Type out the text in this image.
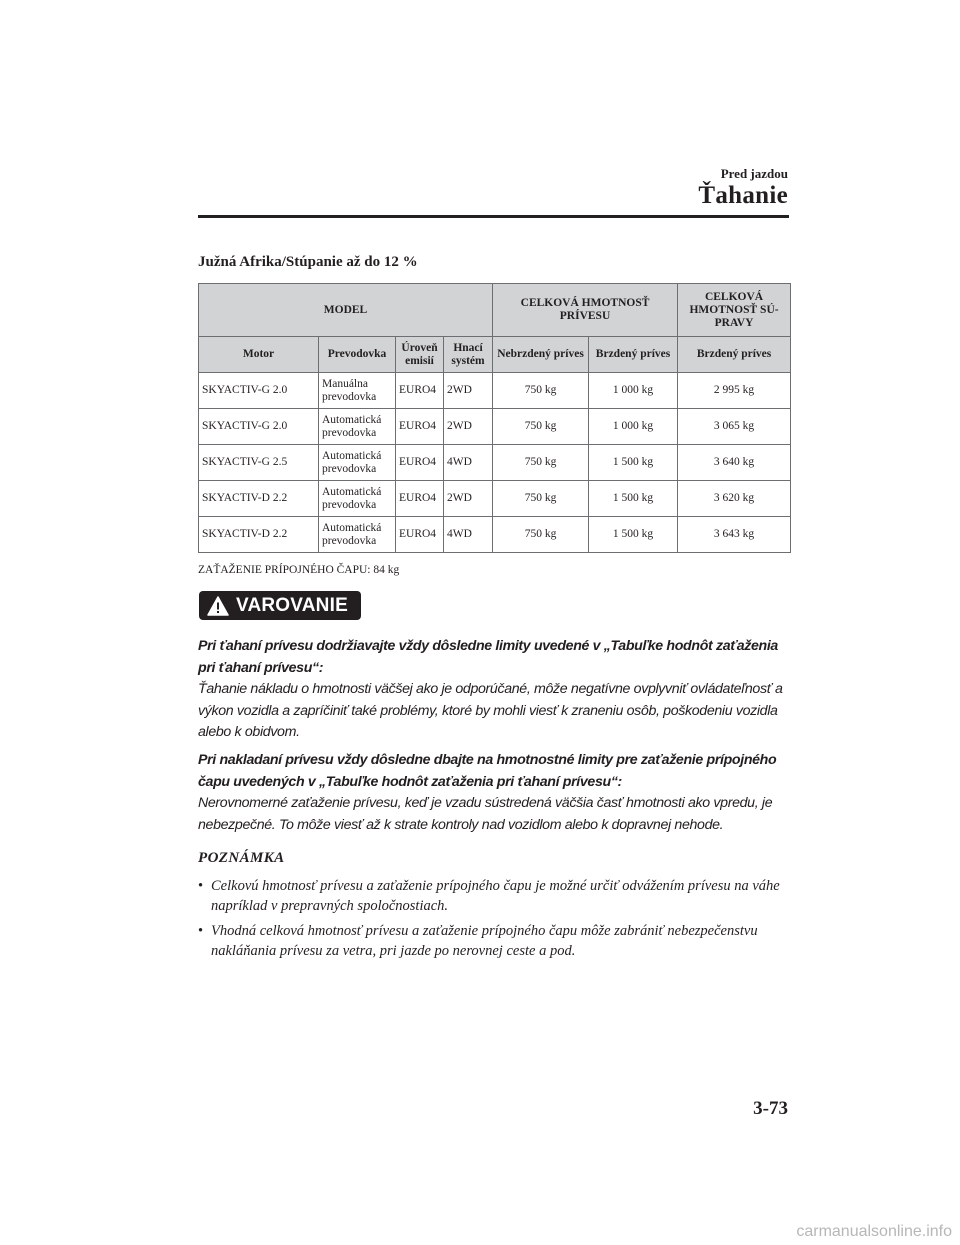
Pred jazdou
Ťahanie
Južná Afrika/Stúpanie až do 12 %
MODEL				CELKOVÁ HMOTNOSŤ PRÍVESU		CELKOVÁ HMOTNOSŤ SÚPRAVY
Motor	Prevodovka	Úroveň emisií	Hnací systém	Nebrzdený príves	Brzdený príves	Brzdený príves
SKYACTIV-G 2.0	Manuálna prevodovka	EURO4	2WD	750 kg	1 000 kg	2 995 kg
SKYACTIV-G 2.0	Automatická prevodovka	EURO4	2WD	750 kg	1 000 kg	3 065 kg
SKYACTIV-G 2.5	Automatická prevodovka	EURO4	4WD	750 kg	1 500 kg	3 640 kg
SKYACTIV-D 2.2	Automatická prevodovka	EURO4	2WD	750 kg	1 500 kg	3 620 kg
SKYACTIV-D 2.2	Automatická prevodovka	EURO4	4WD	750 kg	1 500 kg	3 643 kg
ZAŤAŽENIE PRÍPOJNÉHO ČAPU: 84 kg
VAROVANIE

Pri ťahaní prívesu dodržiavajte vždy dôsledne limity uvedené v „Tabuľke hodnôt zaťaženia pri ťahaní prívesu“:

Ťahanie nákladu o hmotnosti väčšej ako je odporúčané, môže negatívne ovplyvniť ovládateľnosť a výkon vozidla a zapríčiniť také problémy, ktoré by mohli viesť k zraneniu osôb, poškodeniu vozidla alebo k obidvom.

Pri nakladaní prívesu vždy dôsledne dbajte na hmotnostné limity pre zaťaženie prípojného čapu uvedených v „Tabuľke hodnôt zaťaženia pri ťahaní prívesu“:

Nerovnomerné zaťaženie prívesu, keď je vzadu sústredená väčšia časť hmotnosti ako vpredu, je nebezpečné. To môže viesť až k strate kontroly nad vozidlom alebo k dopravnej nehode.

POZNÁMKA
• Celkovú hmotnosť prívesu a zaťaženie prípojného čapu je možné určiť odvážením prívesu na váhe napríklad v prepravných spoločnostiach.
• Vhodná celková hmotnosť prívesu a zaťaženie prípojného čapu môže zabrániť nebezpečenstvu nakláňania prívesu za vetra, pri jazde po nerovnej ceste a pod.
3-73
carmanualsonline.info
